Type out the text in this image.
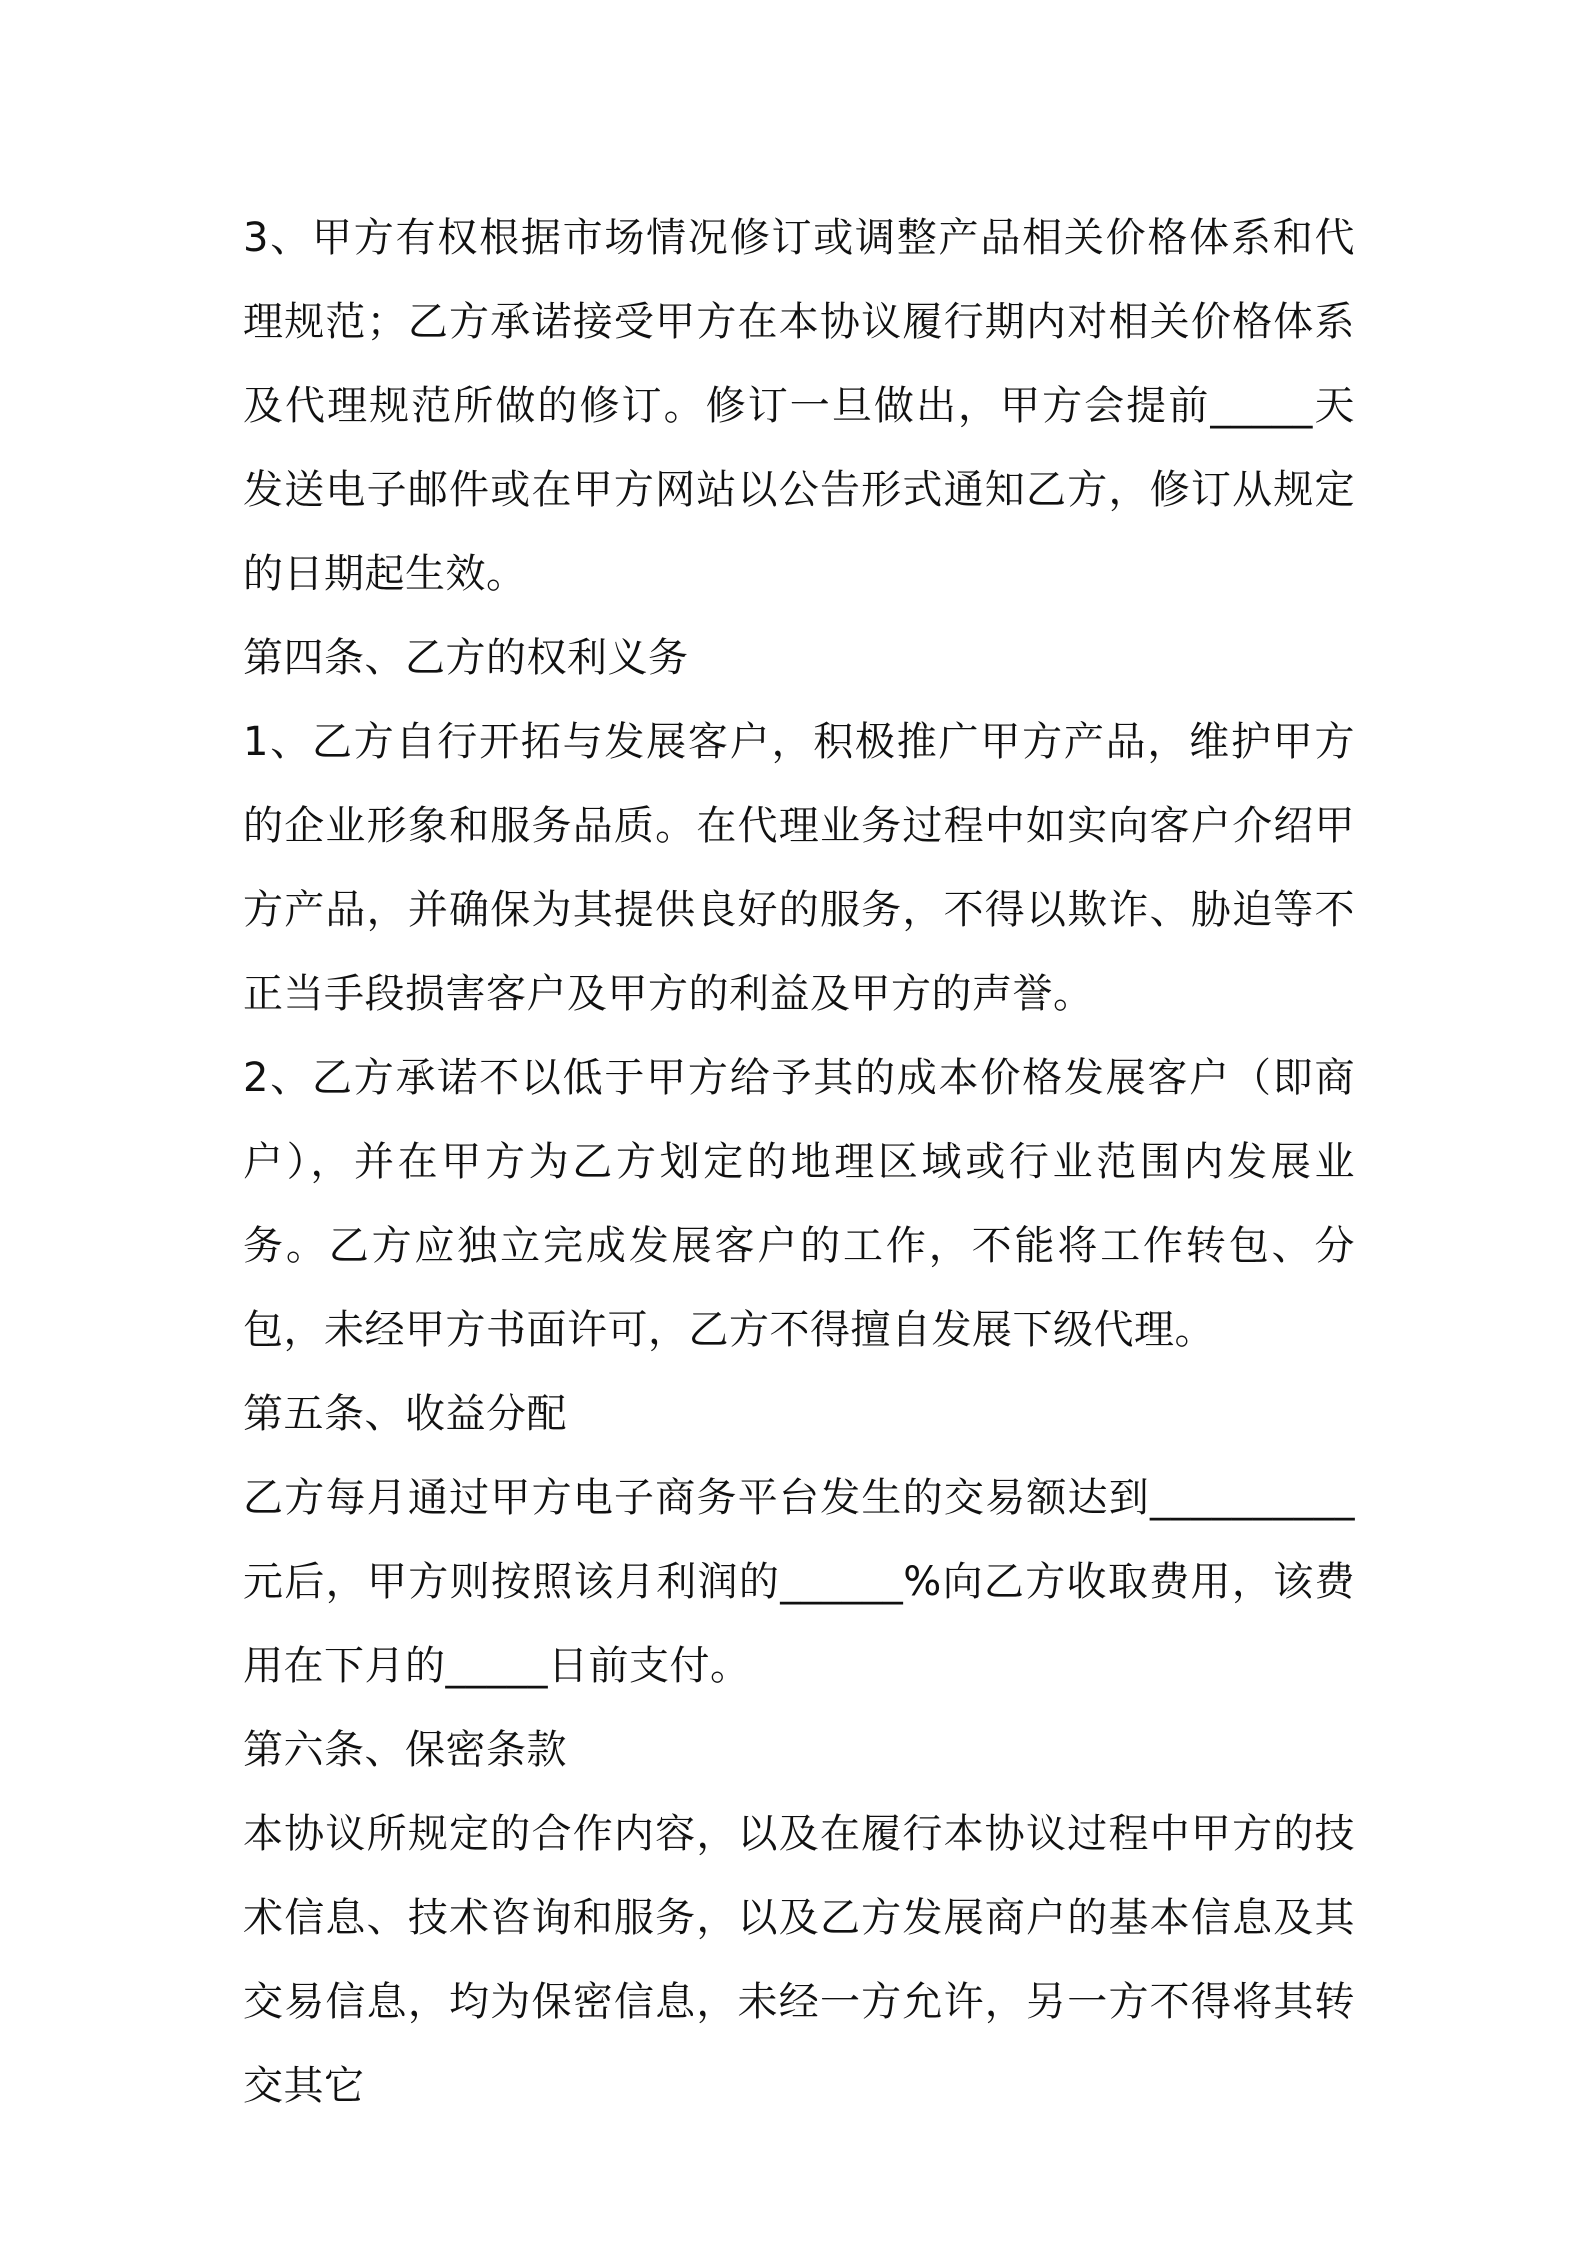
3、甲方有权根据市场情况修订或调整产品相关价格体系和代理规范；乙方承诺接受甲方在本协议履行期内对相关价格体系及代理规范所做的修订。修订一旦做出，甲方会提前_____天发送电子邮件或在甲方网站以公告形式通知乙方，修订从规定的日期起生效。

第四条、乙方的权利义务

1、乙方自行开拓与发展客户，积极推广甲方产品，维护甲方的企业形象和服务品质。在代理业务过程中如实向客户介绍甲方产品，并确保为其提供良好的服务，不得以欺诈、胁迫等不正当手段损害客户及甲方的利益及甲方的声誉。

2、乙方承诺不以低于甲方给予其的成本价格发展客户（即商户），并在甲方为乙方划定的地理区域或行业范围内发展业务。乙方应独立完成发展客户的工作，不能将工作转包、分包，未经甲方书面许可，乙方不得擅自发展下级代理。

第五条、收益分配

乙方每月通过甲方电子商务平台发生的交易额达到__________元后，甲方则按照该月利润的______%向乙方收取费用，该费用在下月的_____日前支付。

第六条、保密条款

本协议所规定的合作内容，以及在履行本协议过程中甲方的技术信息、技术咨询和服务，以及乙方发展商户的基本信息及其交易信息，均为保密信息，未经一方允许，另一方不得将其转交其它
